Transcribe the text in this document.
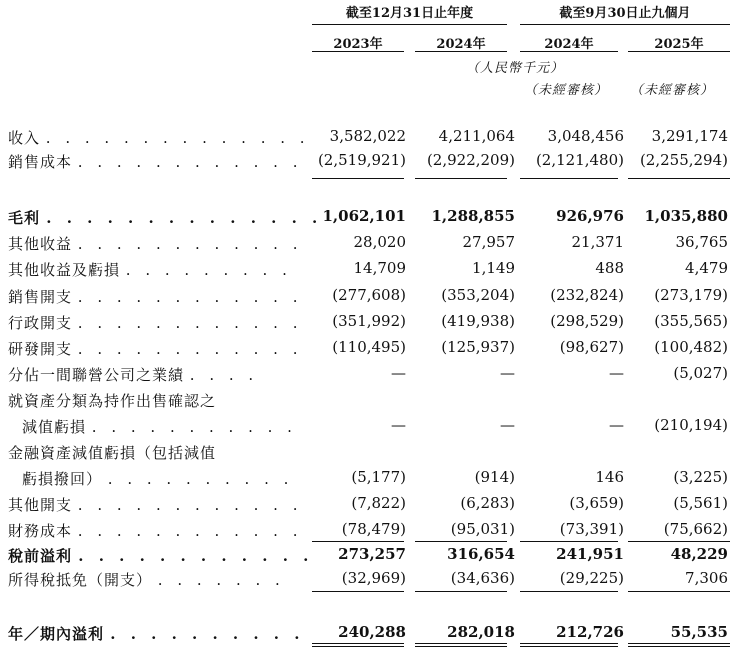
截至12月31日止年度	截至9月30日止九個月
2023年	2024年	2024年	2025年
（人民幣千元）
（未經審核） （未經審核）
收入 . . . . . . . . . . . . . . 3,582,022 4,211,064 3,048,456 3,291,174
銷售成本 . . . . . . . . . . . . (2,519,921) (2,922,209) (2,121,480) (2,255,294)
毛利 . . . . . . . . . . . . . . 1,062,101 1,288,855	926,976 1,035,880
其他收益 . . . . . . . . . . . .	28,020	27,957	21,371	36,765
其他收益及虧損 . . . . . . . . .	14,709	1,149	488	4,479
銷售開支 . . . . . . . . . . . . (277,608) (353,204) (232,824) (273,179)
行政開支 . . . . . . . . . . . . (351,992) (419,938) (298,529) (355,565)
研發開支 . . . . . . . . . . . . (110,495) (125,937)	(98,627) (100,482)
分佔一間聯營公司之業績 . . . .	—	—	—	(5,027)
就資產分類為持作出售確認之
減值虧損 . . . . . . . . . . .	—	—	— (210,194)
金融資產減值虧損（包括減值
虧損撥回） . . . . . . . . . .	(5,177)	(914)	146	(3,225)
其他開支 . . . . . . . . . . . .	(7,822)	(6,283)	(3,659)	(5,561)
財務成本 . . . . . . . . . . . .	(78,479)	(95,031)	(73,391)	(75,662)
稅前溢利 . . . . . . . . . . . . 273,257	316,654	241,951	48,229
所得稅抵免（開支） . . . . . . .	(32,969)	(34,636)	(29,225)	7,306
年／期內溢利 . . . . . . . . . . 240,288	282,018	212,726	55,535
